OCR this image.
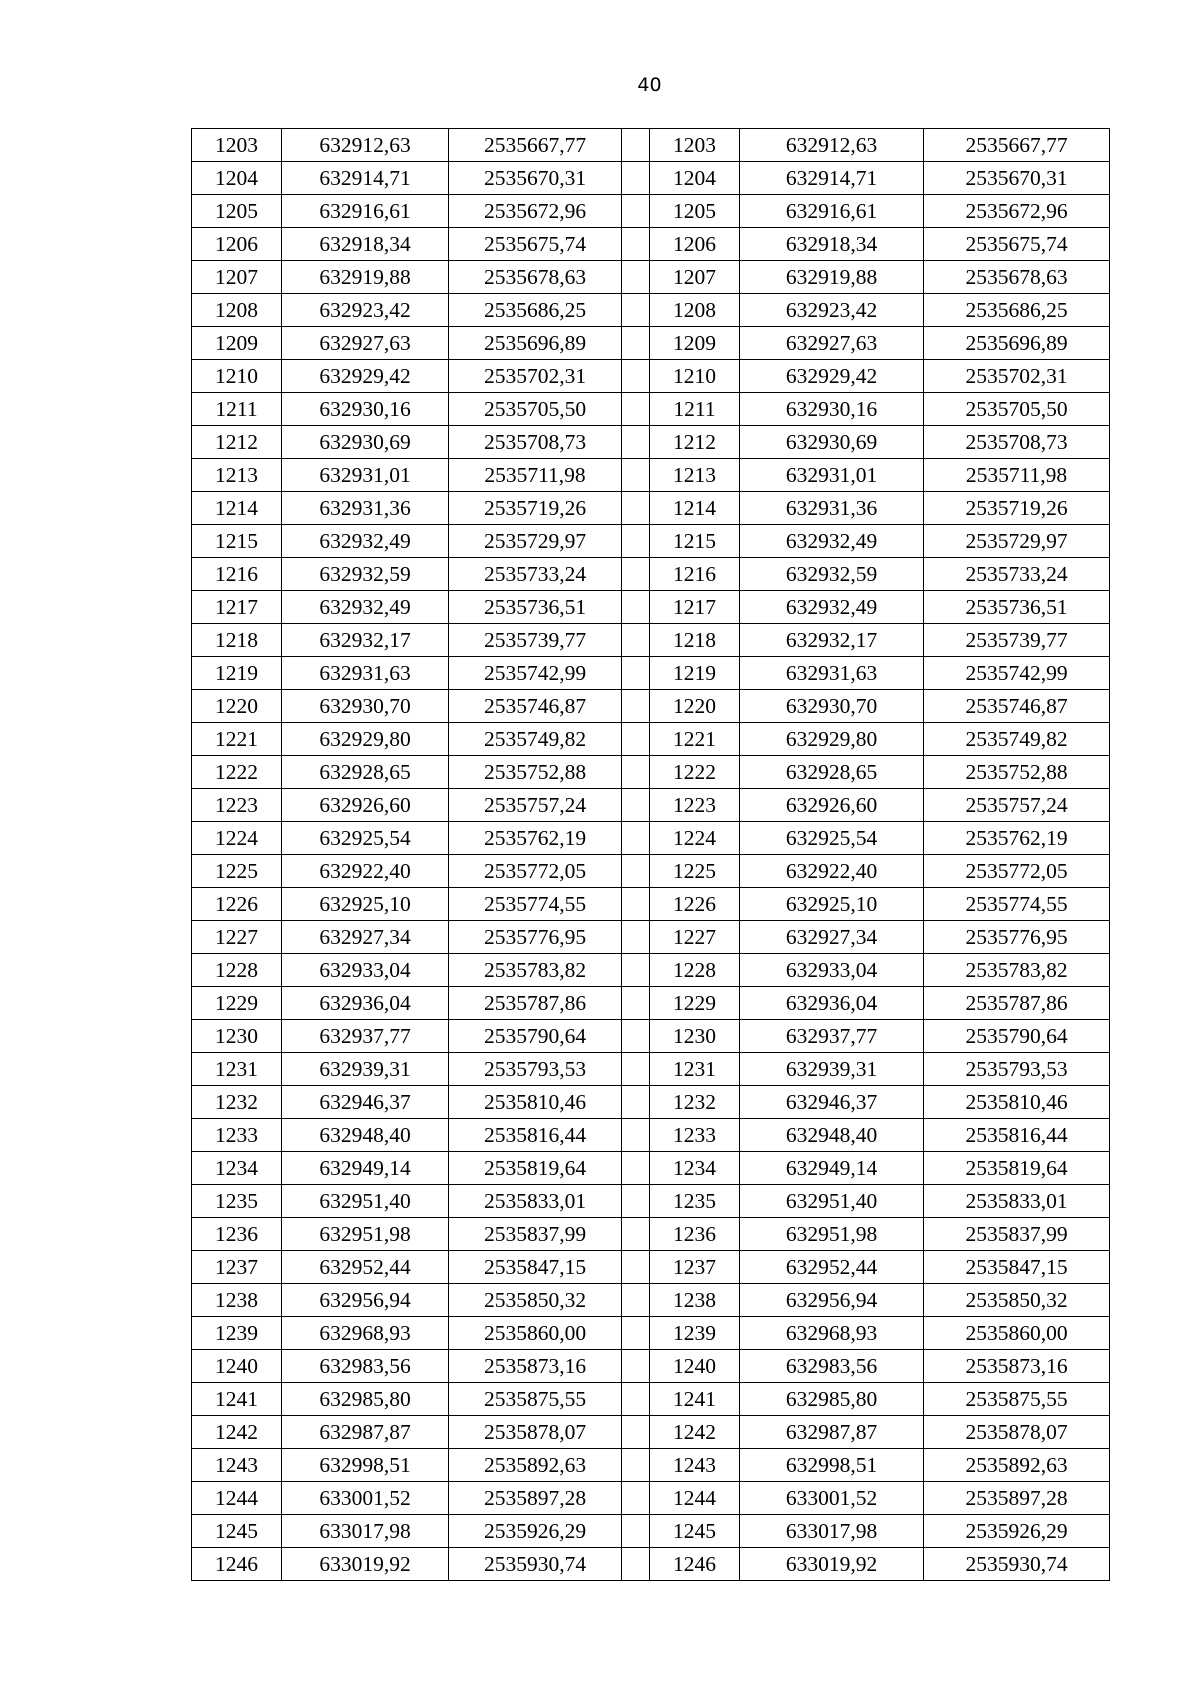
40
1203	632912,63	2535667,77		1203	632912,63	2535667,77
1204	632914,71	2535670,31		1204	632914,71	2535670,31
1205	632916,61	2535672,96		1205	632916,61	2535672,96
1206	632918,34	2535675,74		1206	632918,34	2535675,74
1207	632919,88	2535678,63		1207	632919,88	2535678,63
1208	632923,42	2535686,25		1208	632923,42	2535686,25
1209	632927,63	2535696,89		1209	632927,63	2535696,89
1210	632929,42	2535702,31		1210	632929,42	2535702,31
1211	632930,16	2535705,50		1211	632930,16	2535705,50
1212	632930,69	2535708,73		1212	632930,69	2535708,73
1213	632931,01	2535711,98		1213	632931,01	2535711,98
1214	632931,36	2535719,26		1214	632931,36	2535719,26
1215	632932,49	2535729,97		1215	632932,49	2535729,97
1216	632932,59	2535733,24		1216	632932,59	2535733,24
1217	632932,49	2535736,51		1217	632932,49	2535736,51
1218	632932,17	2535739,77		1218	632932,17	2535739,77
1219	632931,63	2535742,99		1219	632931,63	2535742,99
1220	632930,70	2535746,87		1220	632930,70	2535746,87
1221	632929,80	2535749,82		1221	632929,80	2535749,82
1222	632928,65	2535752,88		1222	632928,65	2535752,88
1223	632926,60	2535757,24		1223	632926,60	2535757,24
1224	632925,54	2535762,19		1224	632925,54	2535762,19
1225	632922,40	2535772,05		1225	632922,40	2535772,05
1226	632925,10	2535774,55		1226	632925,10	2535774,55
1227	632927,34	2535776,95		1227	632927,34	2535776,95
1228	632933,04	2535783,82		1228	632933,04	2535783,82
1229	632936,04	2535787,86		1229	632936,04	2535787,86
1230	632937,77	2535790,64		1230	632937,77	2535790,64
1231	632939,31	2535793,53		1231	632939,31	2535793,53
1232	632946,37	2535810,46		1232	632946,37	2535810,46
1233	632948,40	2535816,44		1233	632948,40	2535816,44
1234	632949,14	2535819,64		1234	632949,14	2535819,64
1235	632951,40	2535833,01		1235	632951,40	2535833,01
1236	632951,98	2535837,99		1236	632951,98	2535837,99
1237	632952,44	2535847,15		1237	632952,44	2535847,15
1238	632956,94	2535850,32		1238	632956,94	2535850,32
1239	632968,93	2535860,00		1239	632968,93	2535860,00
1240	632983,56	2535873,16		1240	632983,56	2535873,16
1241	632985,80	2535875,55		1241	632985,80	2535875,55
1242	632987,87	2535878,07		1242	632987,87	2535878,07
1243	632998,51	2535892,63		1243	632998,51	2535892,63
1244	633001,52	2535897,28		1244	633001,52	2535897,28
1245	633017,98	2535926,29		1245	633017,98	2535926,29
1246	633019,92	2535930,74		1246	633019,92	2535930,74
